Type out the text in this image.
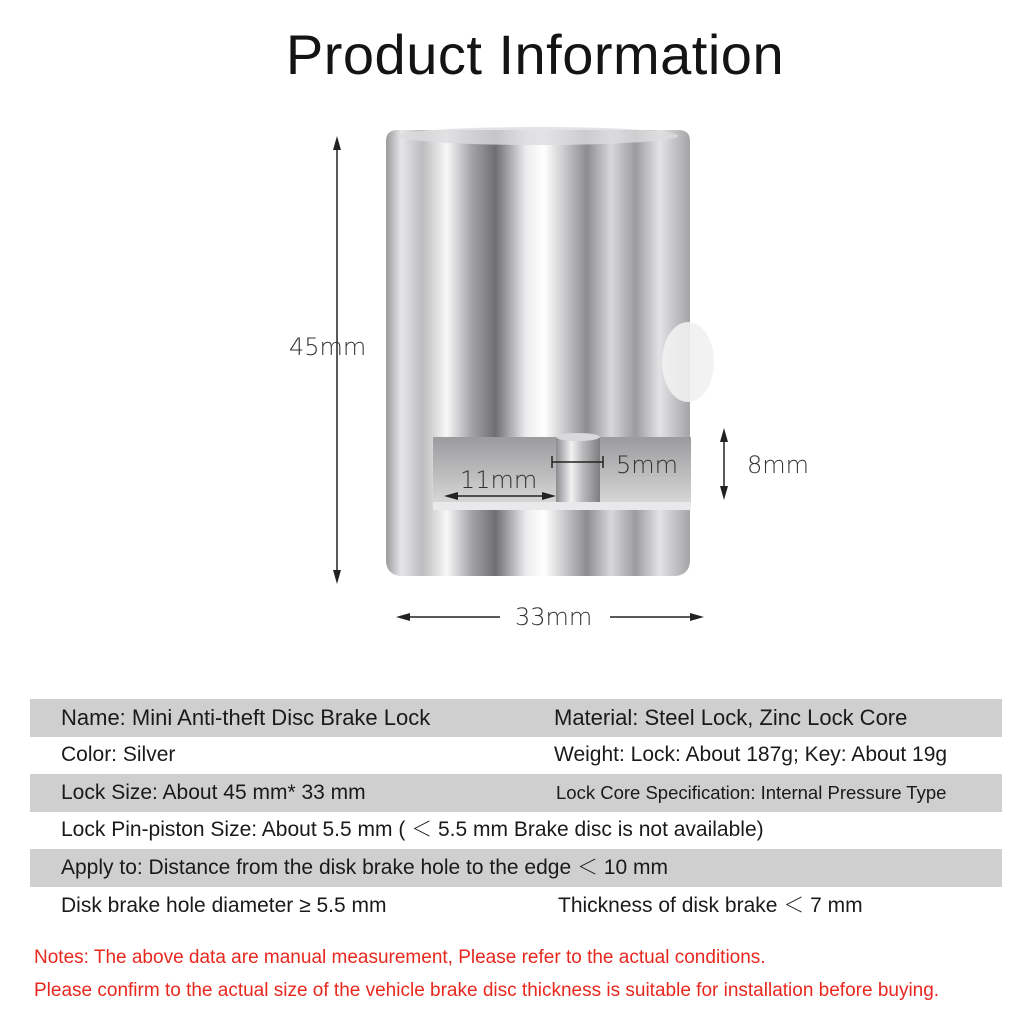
Product Information
45mm
33mm
11mm
5mm	8mm
Name: Mini Anti-theft Disc Brake Lock	Material: Steel Lock, Zinc Lock Core
Color: Silver	Weight: Lock: About 187g; Key: About 19g
Lock Size: About 45 mm* 33 mm	Lock Core Specification: Internal Pressure Type
Lock Pin-piston Size: About 5.5 mm ( ＜ 5.5 mm Brake disc is not available)
Apply to: Distance from the disk brake hole to the edge ＜ 10 mm
Disk brake hole diameter ≥ 5.5 mm	Thickness of disk brake ＜ 7 mm
Notes: The above data are manual measurement, Please refer to the actual conditions.
Please confirm to the actual size of the vehicle brake disc thickness is suitable for installation before buying.
